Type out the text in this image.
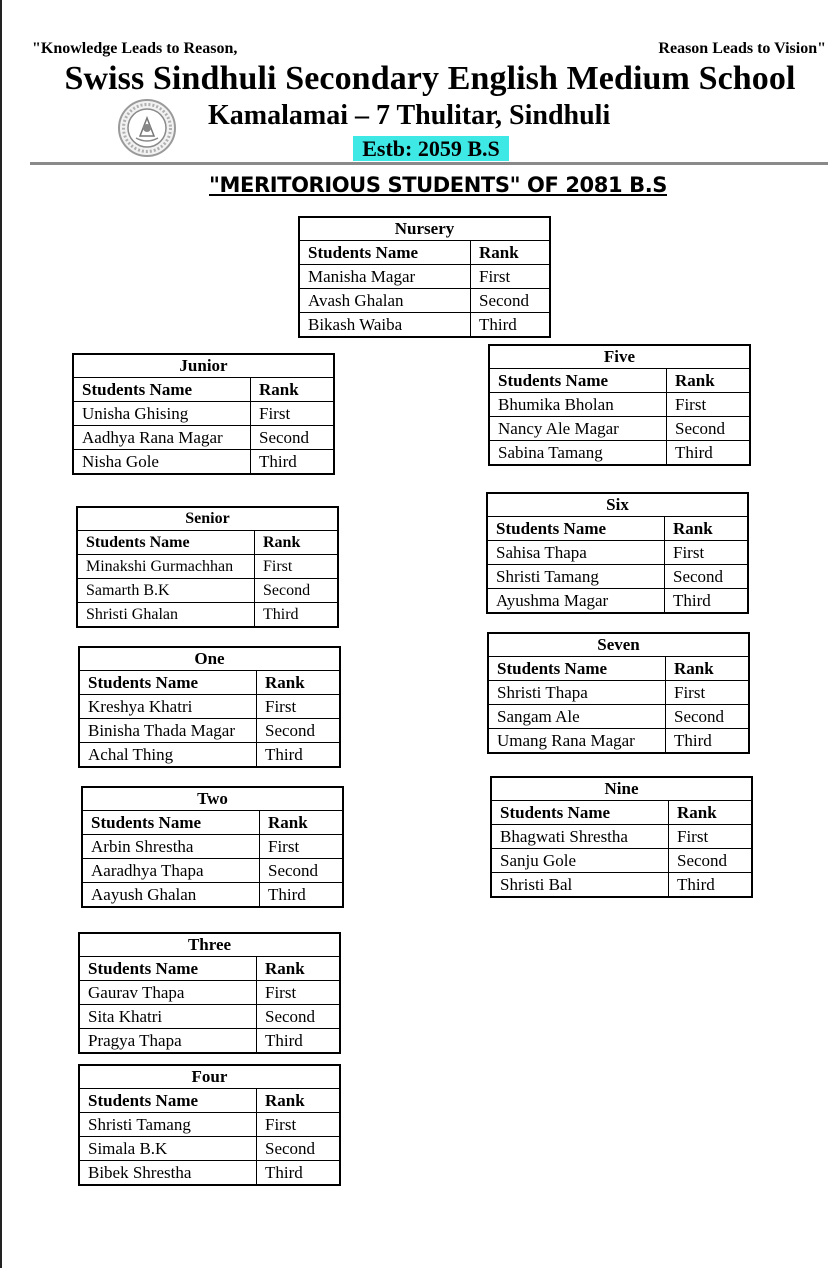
"Knowledge Leads to Reason,	Reason Leads to Vision"
Swiss Sindhuli Secondary English Medium School
Kamalamai – 7 Thulitar, Sindhuli
Estb: 2059 B.S
"MERITORIOUS STUDENTS" OF 2081 B.S
Nursery	
Students Name	Rank
Manisha Magar	First
Avash Ghalan	Second
Bikash Waiba	Third
Junior	
Students Name	Rank
Unisha Ghising	First
Aadhya Rana Magar	Second
Nisha Gole	Third
Senior	
Students Name	Rank
Minakshi Gurmachhan	First
Samarth B.K	Second
Shristi Ghalan	Third
One	
Students Name	Rank
Kreshya Khatri	First
Binisha Thada Magar	Second
Achal Thing	Third
Two	
Students Name	Rank
Arbin Shrestha	First
Aaradhya Thapa	Second
Aayush Ghalan	Third
Three	
Students Name	Rank
Gaurav Thapa	First
Sita Khatri	Second
Pragya Thapa	Third
Four	
Students Name	Rank
Shristi Tamang	First
Simala B.K	Second
Bibek Shrestha	Third
Five	
Students Name	Rank
Bhumika Bholan	First
Nancy Ale Magar	Second
Sabina Tamang	Third
Six	
Students Name	Rank
Sahisa Thapa	First
Shristi Tamang	Second
Ayushma Magar	Third
Seven	
Students Name	Rank
Shristi Thapa	First
Sangam Ale	Second
Umang Rana Magar	Third
Nine	
Students Name	Rank
Bhagwati Shrestha	First
Sanju Gole	Second
Shristi Bal	Third
